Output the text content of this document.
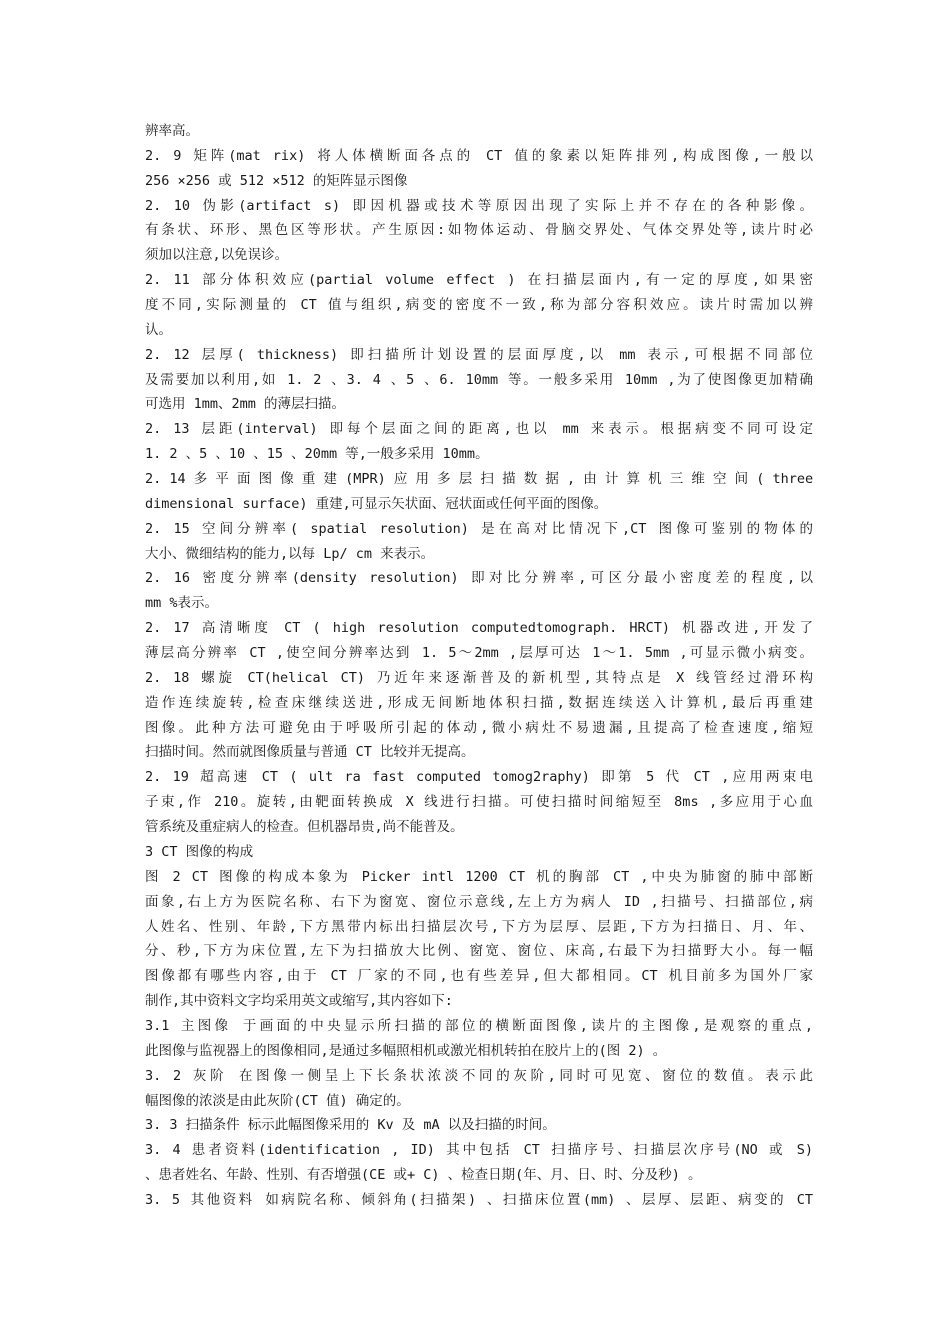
辨率高。
2. 9 矩阵(mat rix) 将人体横断面各点的 CT 值的象素以矩阵排列,构成图像,一般以
256 ×256 或 512 ×512 的矩阵显示图像
2. 10 伪影(artifact s) 即因机器或技术等原因出现了实际上并不存在的各种影像。
有条状、环形、黑色区等形状。产生原因:如物体运动、骨脑交界处、气体交界处等,读片时必
须加以注意,以免误诊。
2. 11 部分体积效应(partial volume effect ) 在扫描层面内,有一定的厚度,如果密
度不同,实际测量的 CT 值与组织,病变的密度不一致,称为部分容积效应。读片时需加以辨
认。
2. 12 层厚( thickness) 即扫描所计划设置的层面厚度,以 mm 表示,可根据不同部位
及需要加以利用,如 1. 2 、3. 4 、5 、6. 10mm 等。一般多采用 10mm ,为了使图像更加精确
可选用 1mm、2mm 的薄层扫描。
2. 13 层距(interval) 即每个层面之间的距离,也以 mm 来表示。根据病变不同可设定
1. 2 、5 、10 、15 、20mm 等,一般多采用 10mm。
2. 14 多 平 面 图 像 重 建 (MPR) 应 用 多 层 扫 描 数 据 , 由 计 算 机 三 维 空 间 ( three
dimensional surface) 重建,可显示矢状面、冠状面或任何平面的图像。
2. 15 空间分辨率( spatial resolution) 是在高对比情况下,CT 图像可鉴别的物体的
大小、微细结构的能力,以每 Lp/ cm 来表示。
2. 16 密度分辨率(density resolution) 即对比分辨率,可区分最小密度差的程度,以
mm %表示。
2. 17 高清晰度 CT ( high resolution computedtomograph. HRCT) 机器改进,开发了
薄层高分辨率 CT ,使空间分辨率达到 1. 5～2mm ,层厚可达 1～1. 5mm ,可显示微小病变。
2. 18 螺旋 CT(helical CT) 乃近年来逐渐普及的新机型,其特点是 X 线管经过滑环构
造作连续旋转,检查床继续送进,形成无间断地体积扫描,数据连续送入计算机,最后再重建
图像。此种方法可避免由于呼吸所引起的体动,微小病灶不易遗漏,且提高了检查速度,缩短
扫描时间。然而就图像质量与普通 CT 比较并无提高。
2. 19 超高速 CT ( ult ra fast computed tomog2raphy) 即第 5 代 CT ,应用两束电
子束,作 210。旋转,由靶面转换成 X 线进行扫描。可使扫描时间缩短至 8ms ,多应用于心血
管系统及重症病人的检查。但机器昂贵,尚不能普及。
3 CT 图像的构成
图 2 CT 图像的构成本象为 Picker intl 1200 CT 机的胸部 CT ,中央为肺窗的肺中部断
面象,右上方为医院名称、右下为窗宽、窗位示意线,左上方为病人 ID ,扫描号、扫描部位,病
人姓名、性别、年龄,下方黑带内标出扫描层次号,下方为层厚、层距,下方为扫描日、月、年、
分、秒,下方为床位置,左下为扫描放大比例、窗宽、窗位、床高,右最下为扫描野大小。每一幅
图像都有哪些内容,由于 CT 厂家的不同,也有些差异,但大都相同。CT 机目前多为国外厂家
制作,其中资料文字均采用英文或缩写,其内容如下:
3.1 主图像 于画面的中央显示所扫描的部位的横断面图像,读片的主图像,是观察的重点,
此图像与监视器上的图像相同,是通过多幅照相机或激光相机转拍在胶片上的(图 2) 。
3. 2 灰阶 在图像一侧呈上下长条状浓淡不同的灰阶,同时可见宽、窗位的数值。表示此
幅图像的浓淡是由此灰阶(CT 值) 确定的。
3. 3 扫描条件 标示此幅图像采用的 Kv 及 mA 以及扫描的时间。
3. 4 患者资料(identification , ID) 其中包括 CT 扫描序号、扫描层次序号(NO 或 S)
、患者姓名、年龄、性别、有否增强(CE 或+ C) 、检查日期(年、月、日、时、分及秒) 。
3. 5 其他资料 如病院名称、倾斜角(扫描架) 、扫描床位置(mm) 、层厚、层距、病变的 CT
